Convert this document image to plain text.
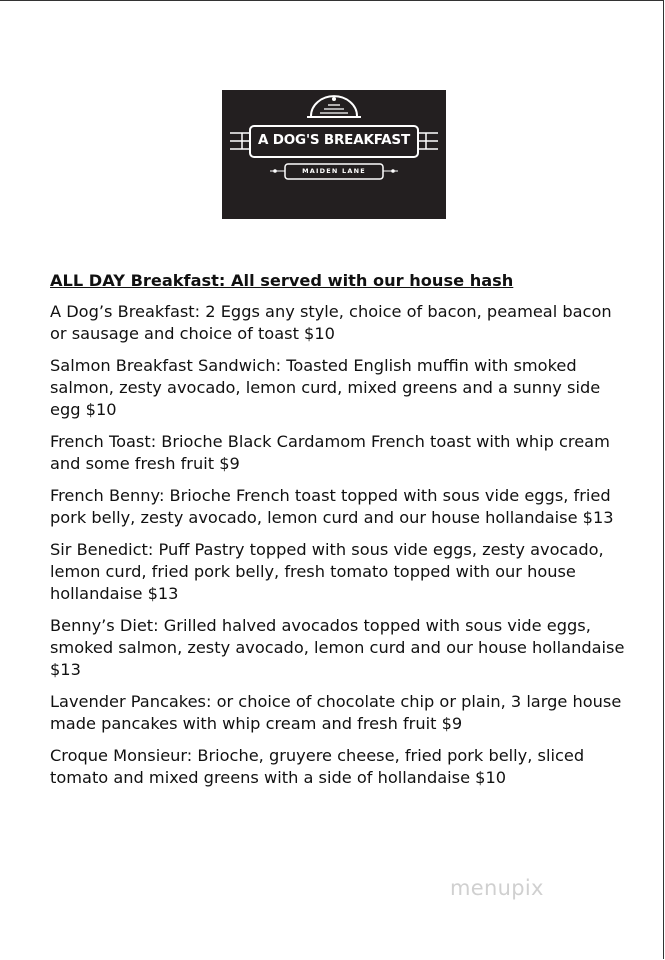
A DOG'S BREAKFAST
MAIDEN LANE
ALL DAY Breakfast: All served with our house hash
A Dog’s Breakfast: 2 Eggs any style, choice of bacon, peameal bacon or sausage and choice of toast $10
Salmon Breakfast Sandwich: Toasted English muffin with smoked salmon, zesty avocado, lemon curd, mixed greens and a sunny side egg $10
French Toast: Brioche Black Cardamom French toast with whip cream and some fresh fruit $9
French Benny: Brioche French toast topped with sous vide eggs, fried pork belly, zesty avocado, lemon curd and our house hollandaise $13
Sir Benedict: Puff Pastry topped with sous vide eggs, zesty avocado, lemon curd, fried pork belly, fresh tomato topped with our house hollandaise $13
Benny’s Diet: Grilled halved avocados topped with sous vide eggs, smoked salmon, zesty avocado, lemon curd and our house hollandaise $13
Lavender Pancakes: or choice of chocolate chip or plain, 3 large house made pancakes with whip cream and fresh fruit $9
Croque Monsieur: Brioche, gruyere cheese, fried pork belly, sliced tomato and mixed greens with a side of hollandaise $10
menupix
